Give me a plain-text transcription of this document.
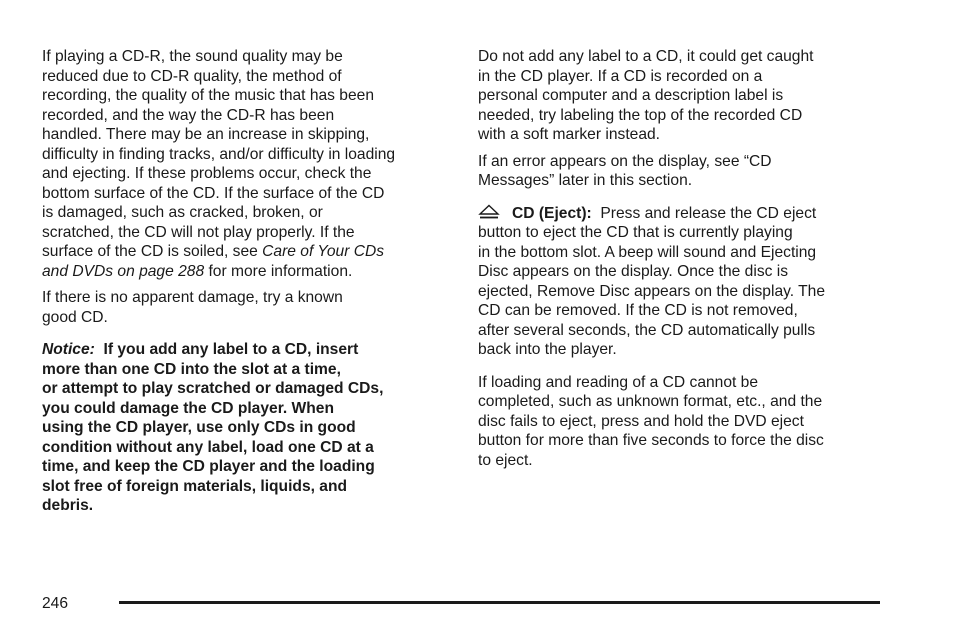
If playing a CD-R, the sound quality may be
reduced due to CD-R quality, the method of
recording, the quality of the music that has been
recorded, and the way the CD-R has been
handled. There may be an increase in skipping,
difficulty in finding tracks, and/or difficulty in loading
and ejecting. If these problems occur, check the
bottom surface of the CD. If the surface of the CD
is damaged, such as cracked, broken, or
scratched, the CD will not play properly. If the
surface of the CD is soiled, see Care of Your CDs
and DVDs on page 288 for more information.

If there is no apparent damage, try a known
good CD.

Notice: If you add any label to a CD, insert
more than one CD into the slot at a time,
or attempt to play scratched or damaged CDs,
you could damage the CD player. When
using the CD player, use only CDs in good
condition without any label, load one CD at a
time, and keep the CD player and the loading
slot free of foreign materials, liquids, and
debris.

Do not add any label to a CD, it could get caught
in the CD player. If a CD is recorded on a
personal computer and a description label is
needed, try labeling the top of the recorded CD
with a soft marker instead.

If an error appears on the display, see “CD
Messages” later in this section.

CD (Eject): Press and release the CD eject
button to eject the CD that is currently playing
in the bottom slot. A beep will sound and Ejecting
Disc appears on the display. Once the disc is
ejected, Remove Disc appears on the display. The
CD can be removed. If the CD is not removed,
after several seconds, the CD automatically pulls
back into the player.

If loading and reading of a CD cannot be
completed, such as unknown format, etc., and the
disc fails to eject, press and hold the DVD eject
button for more than five seconds to force the disc
to eject.

246
